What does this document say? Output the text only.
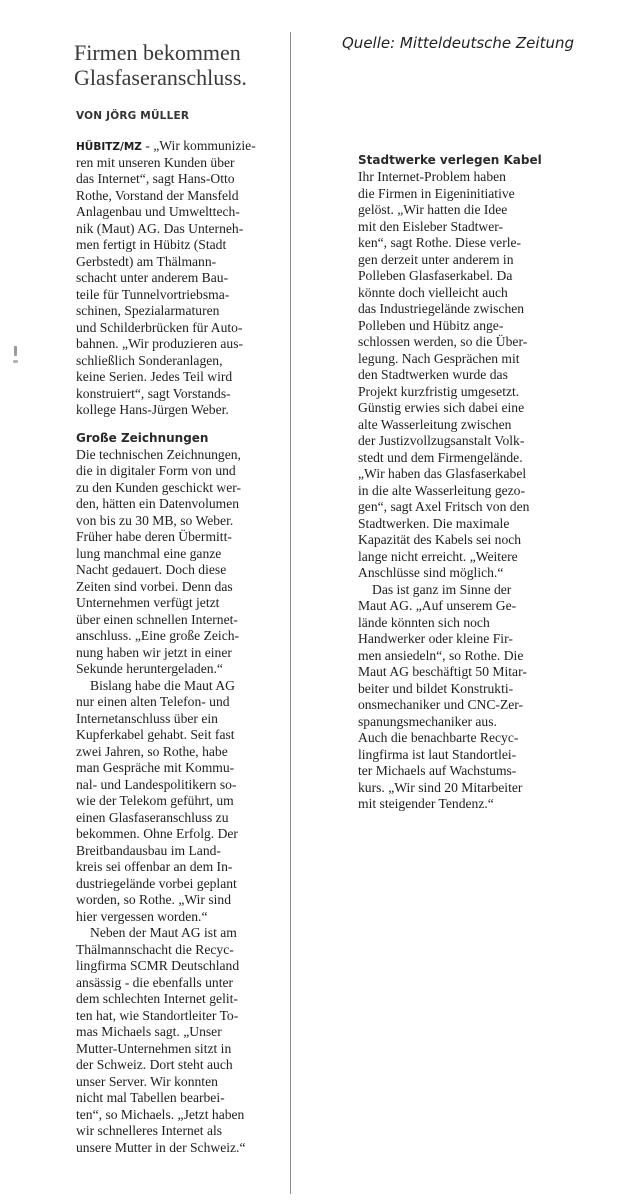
Quelle: Mitteldeutsche Zeitung
Firmen bekommen
Glasfaseranschluss.
VON JÖRG MÜLLER
HÜBITZ/MZ - „Wir kommunizie-
ren mit unseren Kunden über
das Internet“, sagt Hans-Otto
Rothe, Vorstand der Mansfeld
Anlagenbau und Umwelttech-
nik (Maut) AG. Das Unterneh-
men fertigt in Hübitz (Stadt
Gerbstedt) am Thälmann-
schacht unter anderem Bau-
teile für Tunnelvortriebsma-
schinen, Spezialarmaturen
und Schilderbrücken für Auto-
bahnen. „Wir produzieren aus-
schließlich Sonderanlagen,
keine Serien. Jedes Teil wird
konstruiert“, sagt Vorstands-
kollege Hans-Jürgen Weber.
Große Zeichnungen
Die technischen Zeichnungen,
die in digitaler Form von und
zu den Kunden geschickt wer-
den, hätten ein Datenvolumen
von bis zu 30 MB, so Weber.
Früher habe deren Übermitt-
lung manchmal eine ganze
Nacht gedauert. Doch diese
Zeiten sind vorbei. Denn das
Unternehmen verfügt jetzt
über einen schnellen Internet-
anschluss. „Eine große Zeich-
nung haben wir jetzt in einer
Sekunde heruntergeladen.“
Bislang habe die Maut AG
nur einen alten Telefon- und
Internetanschluss über ein
Kupferkabel gehabt. Seit fast
zwei Jahren, so Rothe, habe
man Gespräche mit Kommu-
nal- und Landespolitikern so-
wie der Telekom geführt, um
einen Glasfaseranschluss zu
bekommen. Ohne Erfolg. Der
Breitbandausbau im Land-
kreis sei offenbar an dem In-
dustriegelände vorbei geplant
worden, so Rothe. „Wir sind
hier vergessen worden.“
Neben der Maut AG ist am
Thälmannschacht die Recyc-
lingfirma SCMR Deutschland
ansässig - die ebenfalls unter
dem schlechten Internet gelit-
ten hat, wie Standortleiter To-
mas Michaels sagt. „Unser
Mutter-Unternehmen sitzt in
der Schweiz. Dort steht auch
unser Server. Wir konnten
nicht mal Tabellen bearbei-
ten“, so Michaels. „Jetzt haben
wir schnelleres Internet als
unsere Mutter in der Schweiz.“
Stadtwerke verlegen Kabel
Ihr Internet-Problem haben
die Firmen in Eigeninitiative
gelöst. „Wir hatten die Idee
mit den Eisleber Stadtwer-
ken“, sagt Rothe. Diese verle-
gen derzeit unter anderem in
Polleben Glasfaserkabel. Da
könnte doch vielleicht auch
das Industriegelände zwischen
Polleben und Hübitz ange-
schlossen werden, so die Über-
legung. Nach Gesprächen mit
den Stadtwerken wurde das
Projekt kurzfristig umgesetzt.
Günstig erwies sich dabei eine
alte Wasserleitung zwischen
der Justizvollzugsanstalt Volk-
stedt und dem Firmengelände.
„Wir haben das Glasfaserkabel
in die alte Wasserleitung gezo-
gen“, sagt Axel Fritsch von den
Stadtwerken. Die maximale
Kapazität des Kabels sei noch
lange nicht erreicht. „Weitere
Anschlüsse sind möglich.“
Das ist ganz im Sinne der
Maut AG. „Auf unserem Ge-
lände könnten sich noch
Handwerker oder kleine Fir-
men ansiedeln“, so Rothe. Die
Maut AG beschäftigt 50 Mitar-
beiter und bildet Konstrukti-
onsmechaniker und CNC-Zer-
spanungsmechaniker aus.
Auch die benachbarte Recyc-
lingfirma ist laut Standortlei-
ter Michaels auf Wachstums-
kurs. „Wir sind 20 Mitarbeiter
mit steigender Tendenz.“
